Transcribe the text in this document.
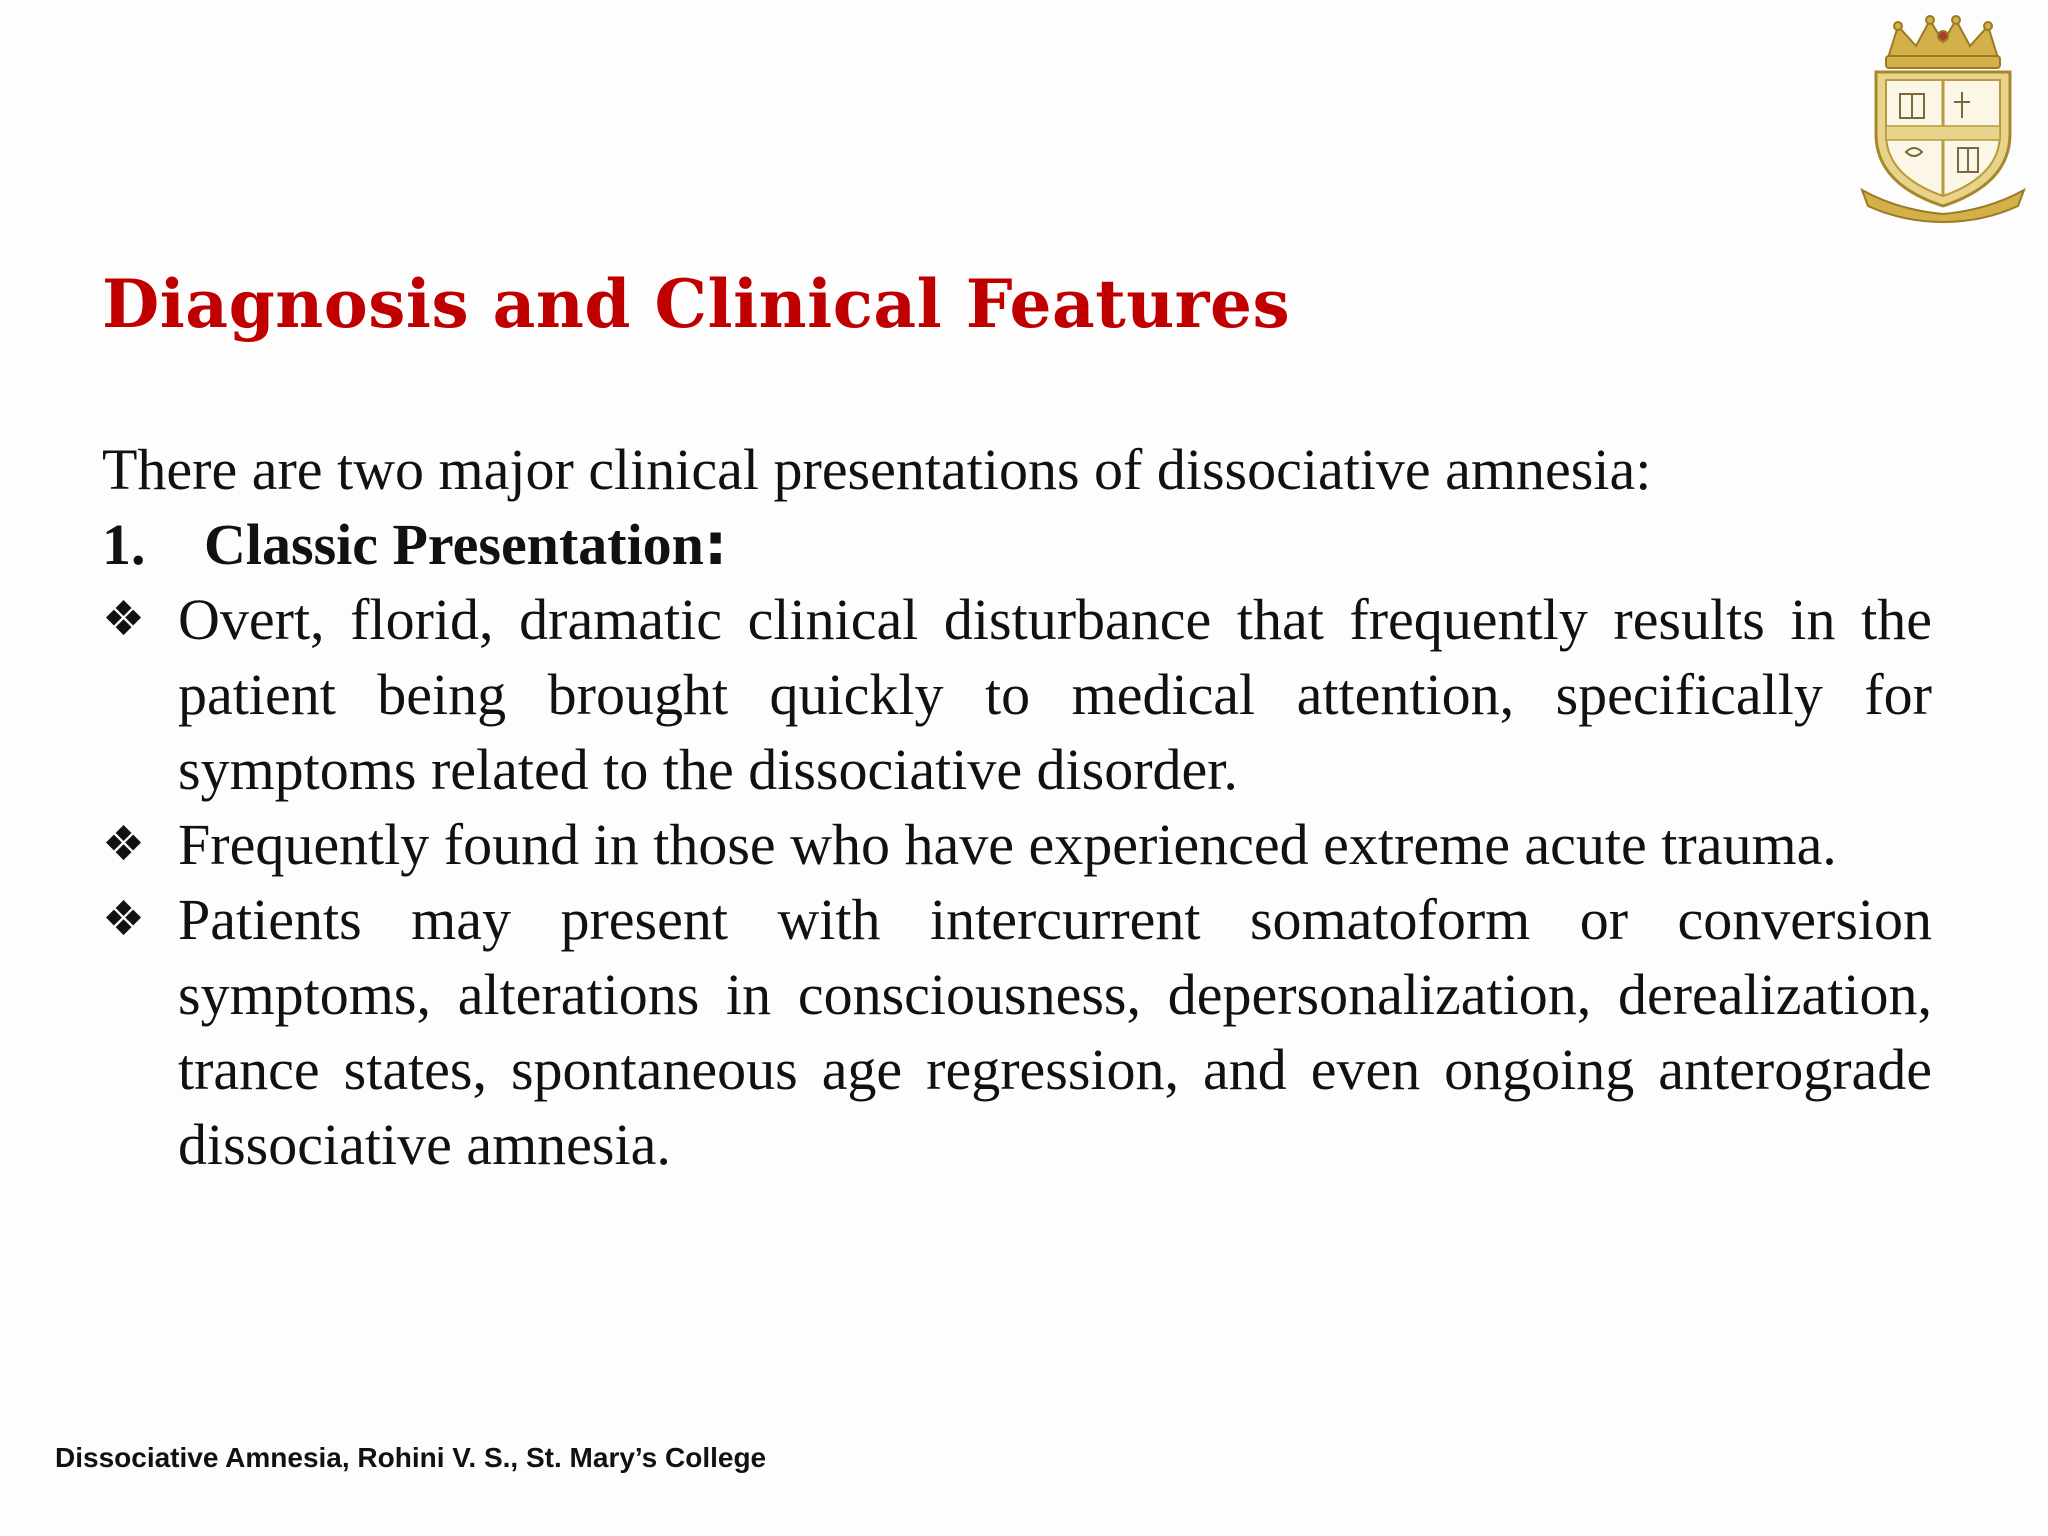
Diagnosis and Clinical Features

There are two major clinical presentations of dissociative amnesia:

1. Classic Presentation:

❖ Overt, florid, dramatic clinical disturbance that frequently results in the patient being brought quickly to medical attention, specifically for symptoms related to the dissociative disorder.
❖ Frequently found in those who have experienced extreme acute trauma.
❖ Patients may present with intercurrent somatoform or conversion symptoms, alterations in consciousness, depersonalization, derealization, trance states, spontaneous age regression, and even ongoing anterograde dissociative amnesia.
Dissociative Amnesia, Rohini V. S., St. Mary’s College
